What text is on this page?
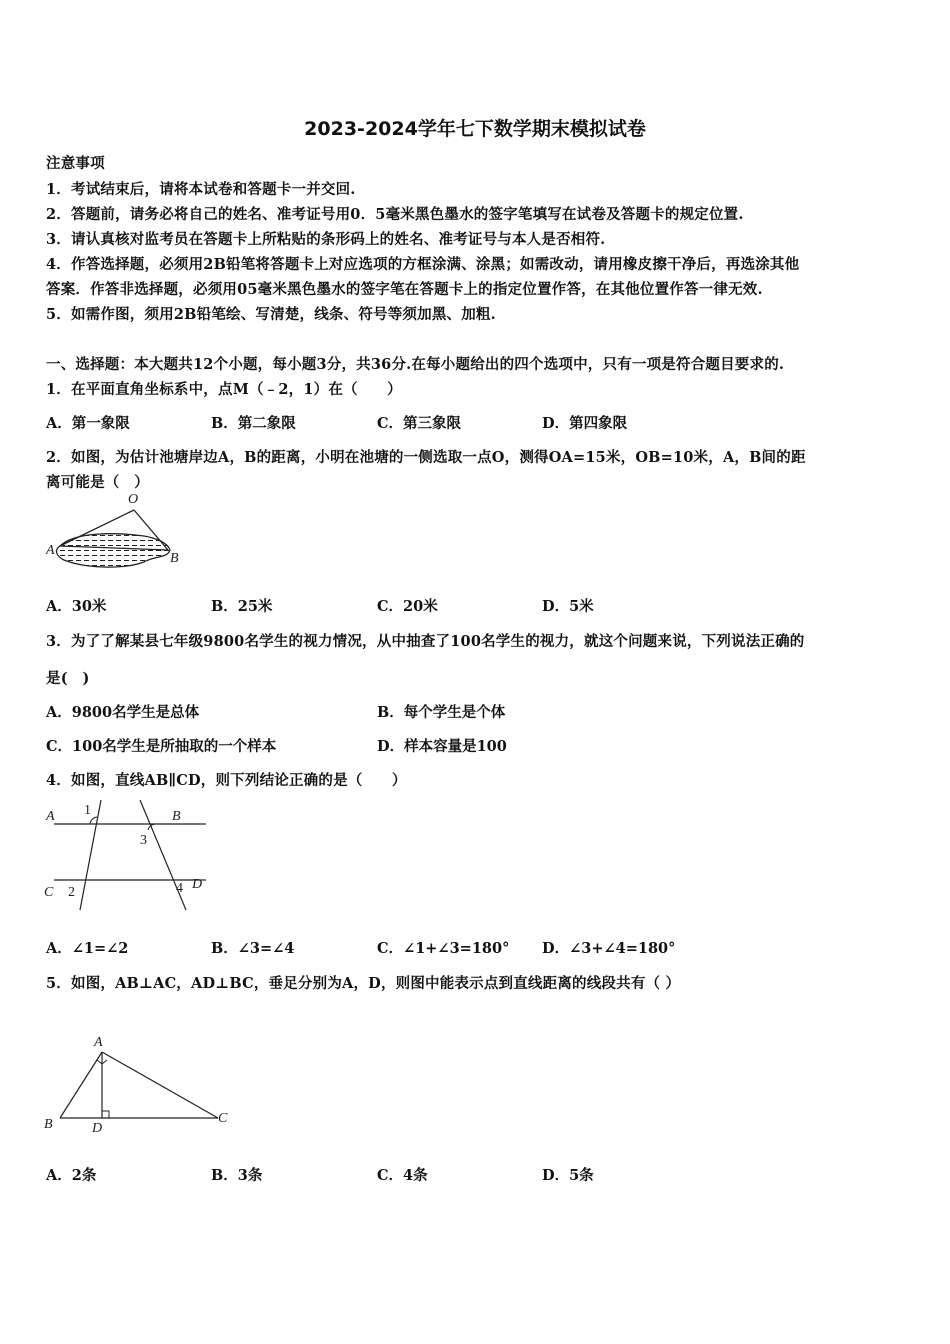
2023-2024学年七下数学期末模拟试卷
注意事项
1．考试结束后，请将本试卷和答题卡一并交回.
2．答题前，请务必将自己的姓名、准考证号用0．5毫米黑色墨水的签字笔填写在试卷及答题卡的规定位置.
3．请认真核对监考员在答题卡上所粘贴的条形码上的姓名、准考证号与本人是否相符.
4．作答选择题，必须用2B铅笔将答题卡上对应选项的方框涂满、涂黑；如需改动，请用橡皮擦干净后，再选涂其他
答案．作答非选择题，必须用05毫米黑色墨水的签字笔在答题卡上的指定位置作答，在其他位置作答一律无效.
5．如需作图，须用2B铅笔绘、写清楚，线条、符号等须加黑、加粗.
一、选择题：本大题共12个小题，每小题3分，共36分.在每小题给出的四个选项中，只有一项是符合题目要求的.
1．在平面直角坐标系中，点M（﹣2，1）在（　　）
A．第一象限	B．第二象限	C．第三象限	D．第四象限
2．如图，为估计池塘岸边A，B的距离，小明在池塘的一侧选取一点O，测得OA=15米，OB=10米，A，B间的距
离可能是（　）
O
A
B
A．30米	B．25米	C．20米	D．5米
3．为了了解某县七年级9800名学生的视力情况，从中抽查了100名学生的视力，就这个问题来说，下列说法正确的
是(　)
A．9800名学生是总体	B．每个学生是个体
C．100名学生是所抽取的一个样本	D．样本容量是100
4．如图，直线AB∥CD，则下列结论正确的是（　　）
A	B
C
D
1
2
3
4
A．∠1=∠2	B．∠3=∠4	C．∠1+∠3=180° D．∠3+∠4=180°
5．如图，AB⊥AC，AD⊥BC，垂足分别为A，D，则图中能表示点到直线距离的线段共有（ ）
A
B	D
C
A．2条	B．3条	C．4条	D．5条
